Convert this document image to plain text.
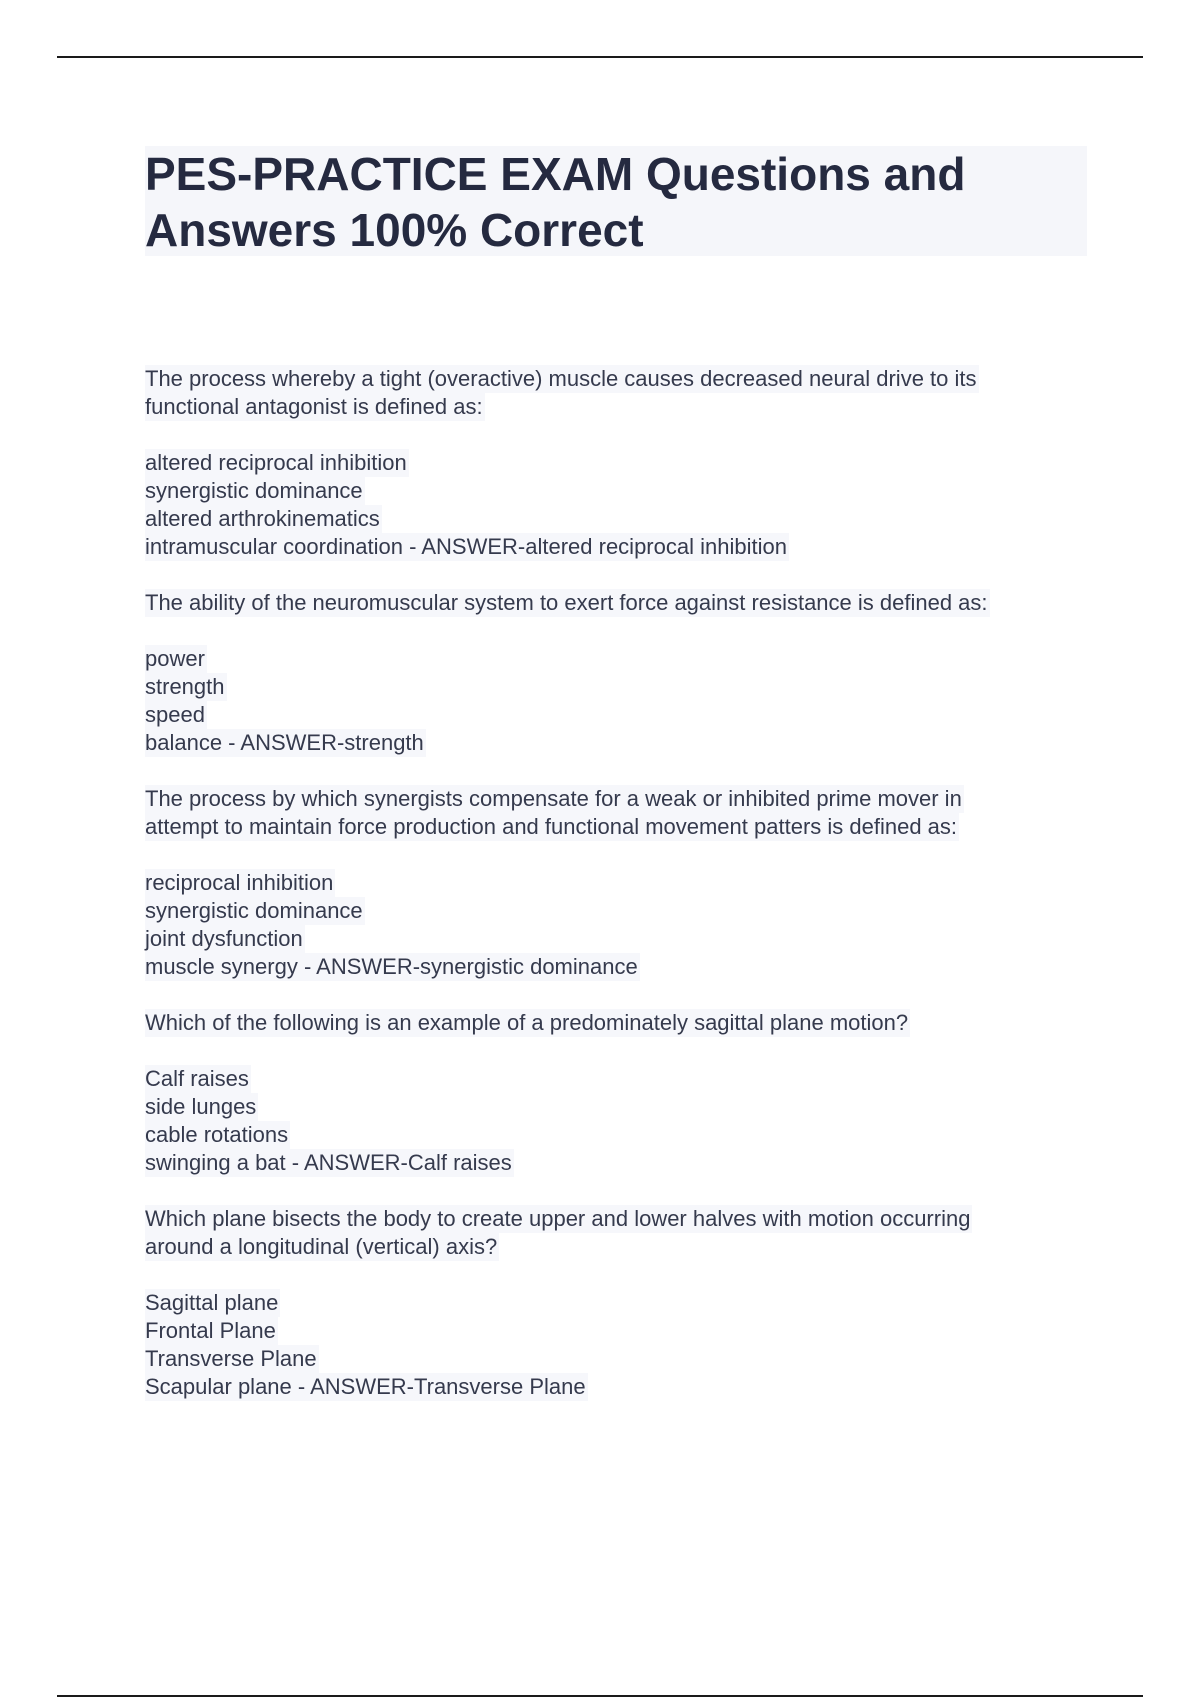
PES-PRACTICE EXAM Questions and
Answers 100% Correct
The process whereby a tight (overactive) muscle causes decreased neural drive to its
functional antagonist is defined as:
altered reciprocal inhibition
synergistic dominance
altered arthrokinematics
intramuscular coordination - ANSWER-altered reciprocal inhibition
The ability of the neuromuscular system to exert force against resistance is defined as:
power
strength
speed
balance - ANSWER-strength
The process by which synergists compensate for a weak or inhibited prime mover in
attempt to maintain force production and functional movement patters is defined as:
reciprocal inhibition
synergistic dominance
joint dysfunction
muscle synergy - ANSWER-synergistic dominance
Which of the following is an example of a predominately sagittal plane motion?
Calf raises
side lunges
cable rotations
swinging a bat - ANSWER-Calf raises
Which plane bisects the body to create upper and lower halves with motion occurring
around a longitudinal (vertical) axis?
Sagittal plane
Frontal Plane
Transverse Plane
Scapular plane - ANSWER-Transverse Plane
